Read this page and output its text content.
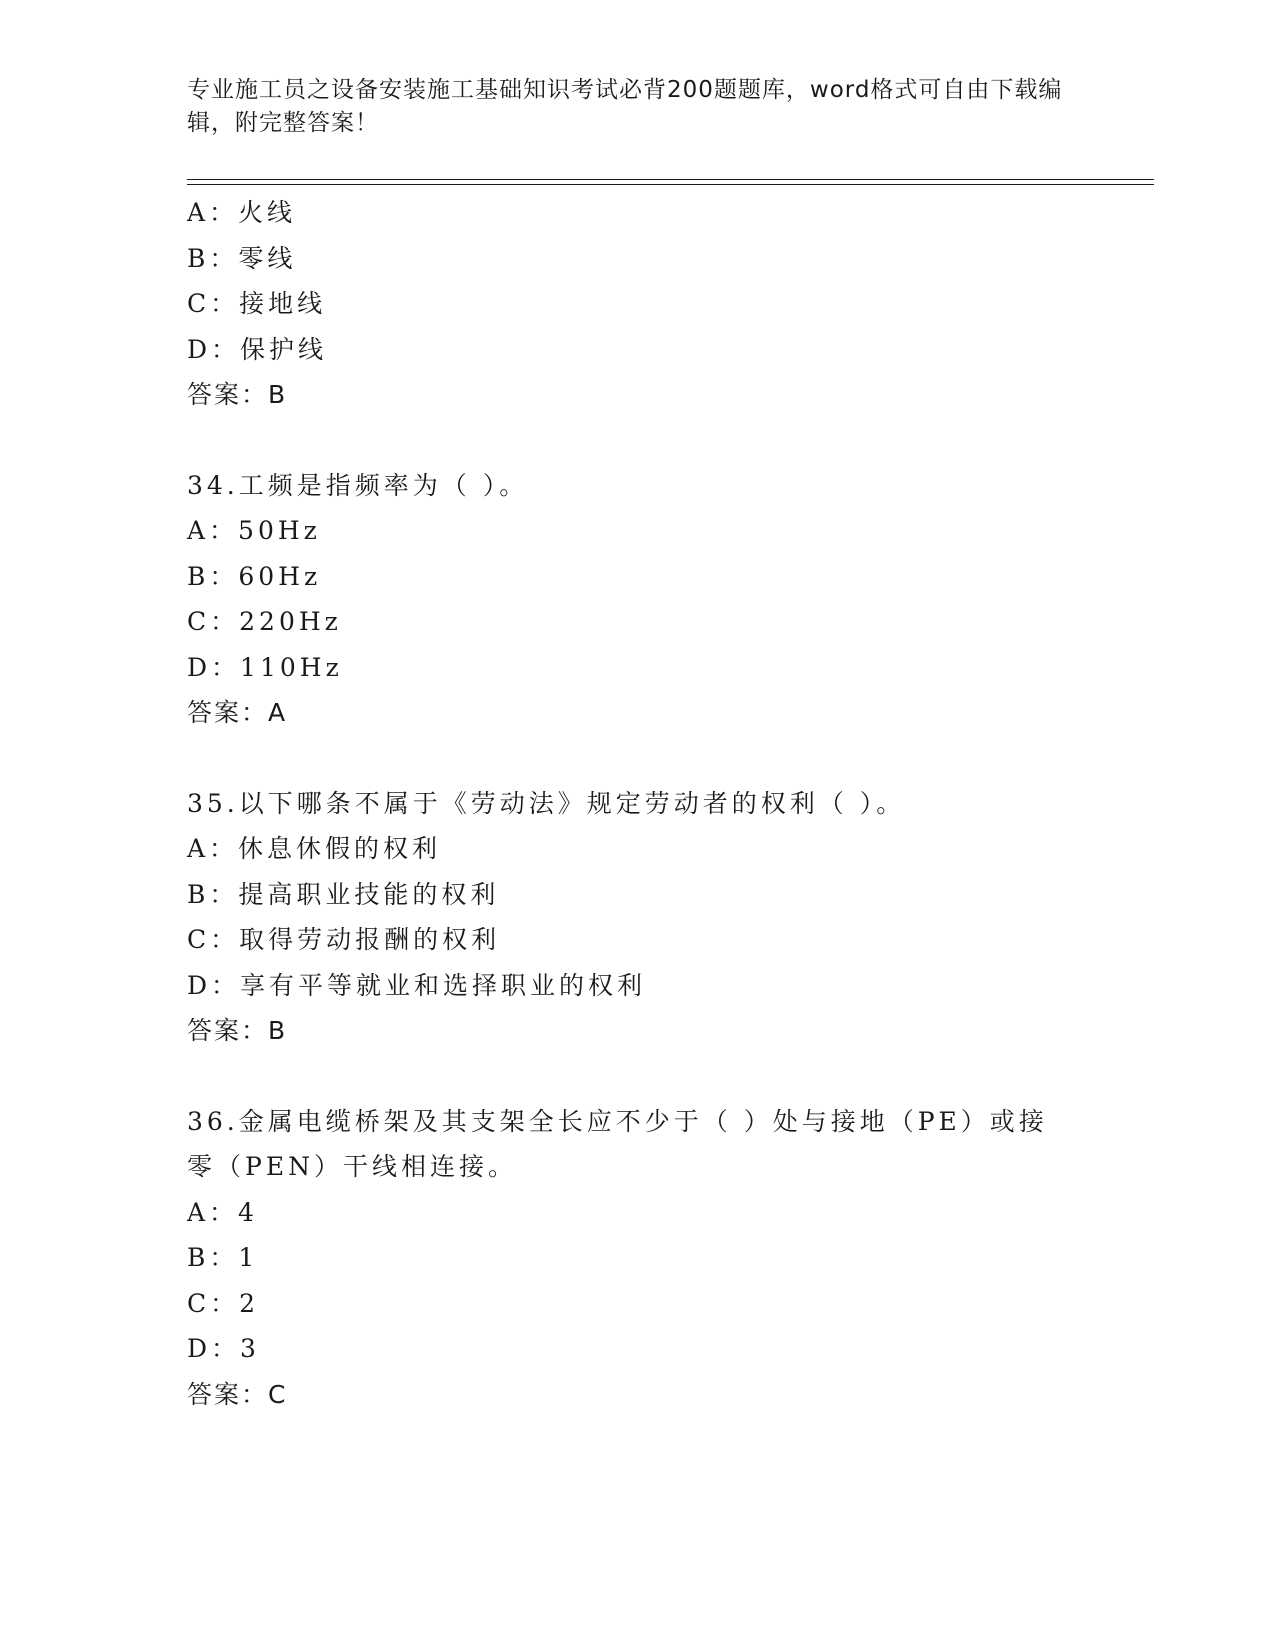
专业施工员之设备安装施工基础知识考试必背200题题库，word格式可自由下载编辑，附完整答案！
A：火线
B：零线
C：接地线
D：保护线
答案：B
34.工频是指频率为（ ）。
A：50Hz
B：60Hz
C：220Hz
D：110Hz
答案：A
35.以下哪条不属于《劳动法》规定劳动者的权利（ ）。
A：休息休假的权利
B：提高职业技能的权利
C：取得劳动报酬的权利
D：享有平等就业和选择职业的权利
答案：B
36.金属电缆桥架及其支架全长应不少于（ ）处与接地（PE）或接零（PEN）干线相连接。
A：4
B：1
C：2
D：3
答案：C
